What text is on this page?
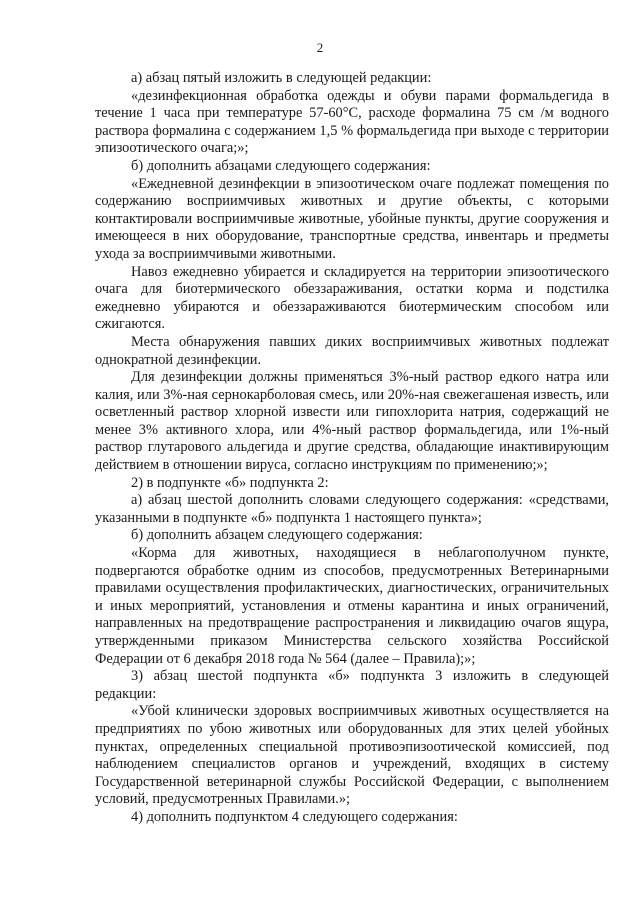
2

а) абзац пятый изложить в следующей редакции:

«дезинфекционная обработка одежды и обуви парами формальдегида в течение 1 часа при температуре 57-60°С, расходе формалина 75 см /м водного раствора формалина с содержанием 1,5 % формальдегида при выходе с территории эпизоотического очага;»;

б) дополнить абзацами следующего содержания:

«Ежедневной дезинфекции в эпизоотическом очаге подлежат помещения по содержанию восприимчивых животных и другие объекты, с которыми контактировали восприимчивые животные, убойные пункты, другие сооружения и имеющееся в них оборудование, транспортные средства, инвентарь и предметы ухода за восприимчивыми животными.

Навоз ежедневно убирается и складируется на территории эпизоотического очага для биотермического обеззараживания, остатки корма и подстилка ежедневно убираются и обеззараживаются биотермическим способом или сжигаются.

Места обнаружения павших диких восприимчивых животных подлежат однократной дезинфекции.

Для дезинфекции должны применяться 3%-ный раствор едкого натра или калия, или 3%-ная сернокарболовая смесь, или 20%-ная свежегашеная известь, или осветленный раствор хлорной извести или гипохлорита натрия, содержащий не менее 3% активного хлора, или 4%-ный раствор формальдегида, или 1%-ный раствор глутарового альдегида и другие средства, обладающие инактивирующим действием в отношении вируса, согласно инструкциям по применению;»;

2) в подпункте «б» подпункта 2:

а) абзац шестой дополнить словами следующего содержания: «средствами, указанными в подпункте «б» подпункта 1 настоящего пункта»;

б) дополнить абзацем следующего содержания:

«Корма для животных, находящиеся в неблагополучном пункте, подвергаются обработке одним из способов, предусмотренных Ветеринарными правилами осуществления профилактических, диагностических, ограничительных и иных мероприятий, установления и отмены карантина и иных ограничений, направленных на предотвращение распространения и ликвидацию очагов ящура, утвержденными приказом Министерства сельского хозяйства Российской Федерации от 6 декабря 2018 года № 564 (далее – Правила);»;

3) абзац шестой подпункта «б» подпункта 3 изложить в следующей редакции:

«Убой клинически здоровых восприимчивых животных осуществляется на предприятиях по убою животных или оборудованных для этих целей убойных пунктах, определенных специальной противоэпизоотической комиссией, под наблюдением специалистов органов и учреждений, входящих в систему Государственной ветеринарной службы Российской Федерации, с выполнением условий, предусмотренных Правилами.»;

4) дополнить подпунктом 4 следующего содержания:
